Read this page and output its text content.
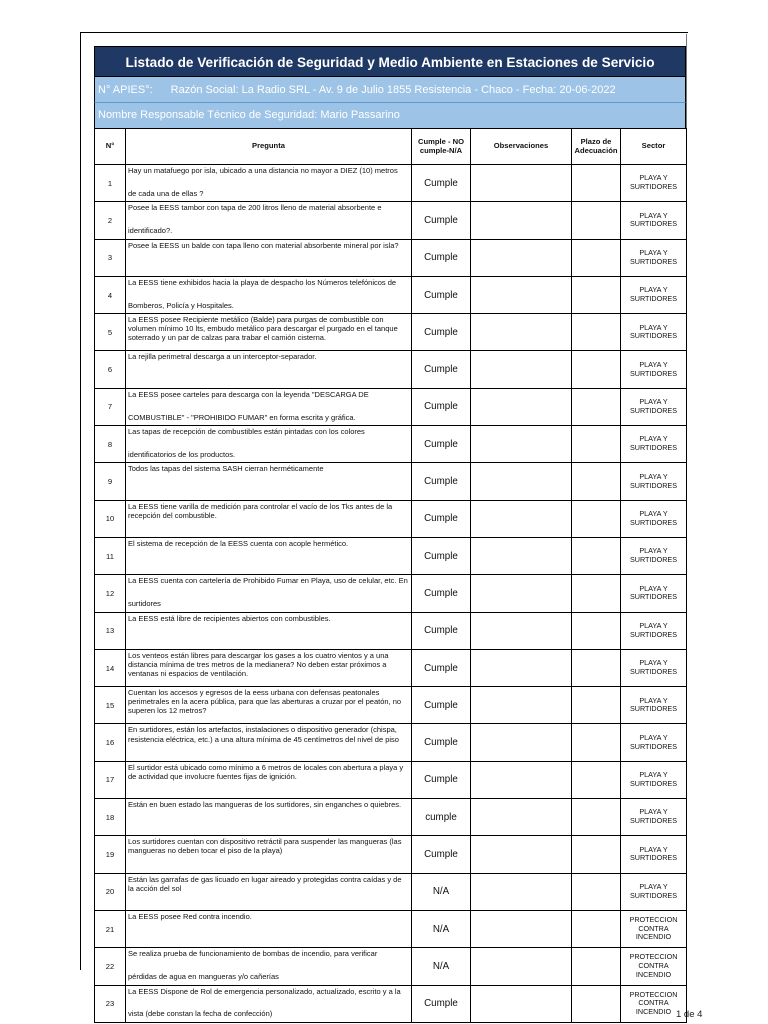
Listado de Verificación de Seguridad y Medio Ambiente en Estaciones de Servicio
N° APIES°: Razón Social: La Radio SRL - Av. 9 de Julio 1855 Resistencia - Chaco - Fecha: 20-06-2022
Nombre Responsable Técnico de Seguridad: Mario Passarino
N°	Pregunta	Cumple - NO cumple-N/A	Observaciones	Plazo de Adecuación	Sector
1	Hay un matafuego por isla, ubicado a una distancia no mayor a DIEZ (10) metros
de cada una de ellas ?	Cumple			PLAYA Y SURTIDORES
2	Posee la EESS tambor con tapa de 200 litros lleno de material absorbente e
identificado?.	Cumple			PLAYA Y SURTIDORES
3	Posee la EESS un balde con tapa lleno con material absorbente mineral por isla?	Cumple			PLAYA Y SURTIDORES
4	La EESS tiene exhibidos hacia la playa de despacho los Números telefónicos de
Bomberos, Policía y Hospitales.	Cumple			PLAYA Y SURTIDORES
5	La EESS posee Recipiente metálico (Balde) para purgas de combustible con volumen mínimo 10 lts, embudo metálico para descargar el purgado en el tanque soterrado y un par de calzas para trabar el camión cisterna.	Cumple			PLAYA Y SURTIDORES
6	La rejilla perimetral descarga a un interceptor-separador.	Cumple			PLAYA Y SURTIDORES
7	La EESS posee carteles para descarga con la leyenda "DESCARGA DE
COMBUSTIBLE" - "PROHIBIDO FUMAR" en forma escrita y gráfica.	Cumple			PLAYA Y SURTIDORES
8	Las tapas de recepción de combustibles están pintadas con los colores
identificatorios de los productos.	Cumple			PLAYA Y SURTIDORES
9	Todos las tapas del sistema SASH cierran herméticamente	Cumple			PLAYA Y SURTIDORES
10	La EESS tiene varilla de medición para controlar el vacío de los Tks antes de la recepción del combustible.	Cumple			PLAYA Y SURTIDORES
11	El sistema de recepción de la EESS cuenta con acople hermético.	Cumple			PLAYA Y SURTIDORES
12	La EESS cuenta con cartelería de Prohibido Fumar en Playa, uso de celular, etc. En
surtidores	Cumple			PLAYA Y SURTIDORES
13	La EESS está libre de recipientes abiertos con combustibles.	Cumple			PLAYA Y SURTIDORES
14	Los venteos están libres para descargar los gases a los cuatro vientos y a una distancia mínima de tres metros de la medianera? No deben estar próximos a ventanas ni espacios de ventilación.	Cumple			PLAYA Y SURTIDORES
15	Cuentan los accesos y egresos de la eess urbana con defensas peatonales perimetrales en la acera pública, para que las aberturas a cruzar por el peatón, no superen los 12 metros?	Cumple			PLAYA Y SURTIDORES
16	En surtidores, están los artefactos, instalaciones o dispositivo generador (chispa, resistencia eléctrica, etc.) a una altura mínima de 45 centímetros del nivel de piso	Cumple			PLAYA Y SURTIDORES
17	El surtidor está ubicado como mínimo a 6 metros de locales con abertura a playa y de actividad que involucre fuentes fijas de ignición.	Cumple			PLAYA Y SURTIDORES
18	Están en buen estado las mangueras de los surtidores, sin enganches o quiebres.	cumple			PLAYA Y SURTIDORES
19	Los surtidores cuentan con dispositivo retráctil para suspender las mangueras (las mangueras no deben tocar el piso de la playa)	Cumple			PLAYA Y SURTIDORES
20	Están las garrafas de gas licuado en lugar aireado y protegidas contra caídas y de la acción del sol	N/A			PLAYA Y SURTIDORES
21	La EESS posee Red contra incendio.	N/A			PROTECCION CONTRA INCENDIO
22	Se realiza prueba de funcionamiento de bombas de incendio, para verificar
pérdidas de agua en mangueras y/o cañerías	N/A			PROTECCION CONTRA INCENDIO
23	La EESS Dispone de Rol de emergencia personalizado, actualizado, escrito y a la
vista (debe constan la fecha de confección)	Cumple			PROTECCION CONTRA INCENDIO 1 de 4
